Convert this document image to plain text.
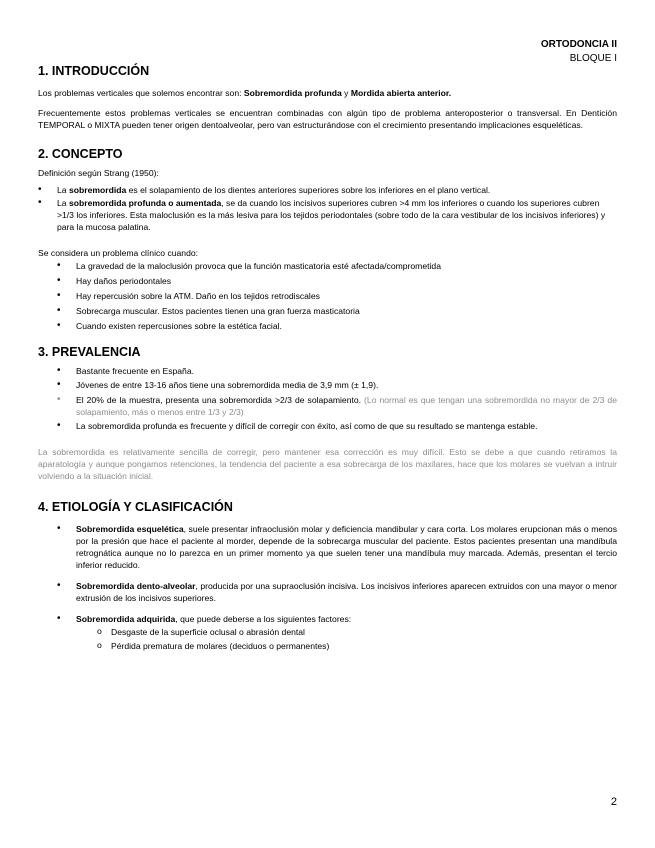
ORTODONCIA II
BLOQUE I
1. INTRODUCCIÓN

Los problemas verticales que solemos encontrar son: Sobremordida profunda y Mordida abierta anterior.

Frecuentemente estos problemas verticales se encuentran combinadas con algún tipo de problema anteroposterior o transversal. En Dentición TEMPORAL o MIXTA pueden tener origen dentoalveolar, pero van estructurándose con el crecimiento presentando implicaciones esqueléticas.

2. CONCEPTO

Definición según Strang (1950):

• La sobremordida es el solapamiento de los dientes anteriores superiores sobre los inferiores en el plano vertical.
• La sobremordida profunda o aumentada, se da cuando los incisivos superiores cubren >4 mm los inferiores o cuando los superiores cubren >1/3 los inferiores. Esta maloclusión es la más lesiva para los tejidos periodontales (sobre todo de la cara vestibular de los incisivos inferiores) y para la mucosa palatina.

Se considera un problema clínico cuando:

• La gravedad de la maloclusión provoca que la función masticatoria esté afectada/comprometida
• Hay daños periodontales
• Hay repercusión sobre la ATM. Daño en los tejidos retrodiscales
• Sobrecarga muscular. Estos pacientes tienen una gran fuerza masticatoria
• Cuando existen repercusiones sobre la estética facial.
3. PREVALENCIA
• Bastante frecuente en España.
• Jóvenes de entre 13-16 años tiene una sobremordida media de 3,9 mm (± 1,9).
• El 20% de la muestra, presenta una sobremordida >2/3 de solapamiento. (Lo normal es que tengan una sobremordida no mayor de 2/3 de solapamiento, más o menos entre 1/3 y 2/3)
• La sobremordida profunda es frecuente y difícil de corregir con éxito, así como de que su resultado se mantenga estable.

La sobremordida es relativamente sencilla de corregir, pero mantener esa corrección es muy difícil. Esto se debe a que cuando retiramos la aparatología y aunque pongamos retenciones, la tendencia del paciente a esa sobrecarga de los maxilares, hace que los molares se vuelvan a intruir volviendo a la situación inicial.

4. ETIOLOGÍA Y CLASIFICACIÓN
• Sobremordida esquelética, suele presentar infraoclusión molar y deficiencia mandibular y cara corta. Los molares erupcionan más o menos por la presión que hace el paciente al morder, depende de la sobrecarga muscular del paciente. Estos pacientes presentan una mandíbula retrognática aunque no lo parezca en un primer momento ya que suelen tener una mandíbula muy marcada. Además, presentan el tercio inferior reducido.
• Sobremordida dento-alveolar, producida por una supraoclusión incisiva. Los incisivos inferiores aparecen extruidos con una mayor o menor extrusión de los incisivos superiores.
• Sobremordida adquirida, que puede deberse a los siguientes factores:
o Desgaste de la superficie oclusal o abrasión dental
o Pérdida prematura de molares (deciduos o permanentes)
2
